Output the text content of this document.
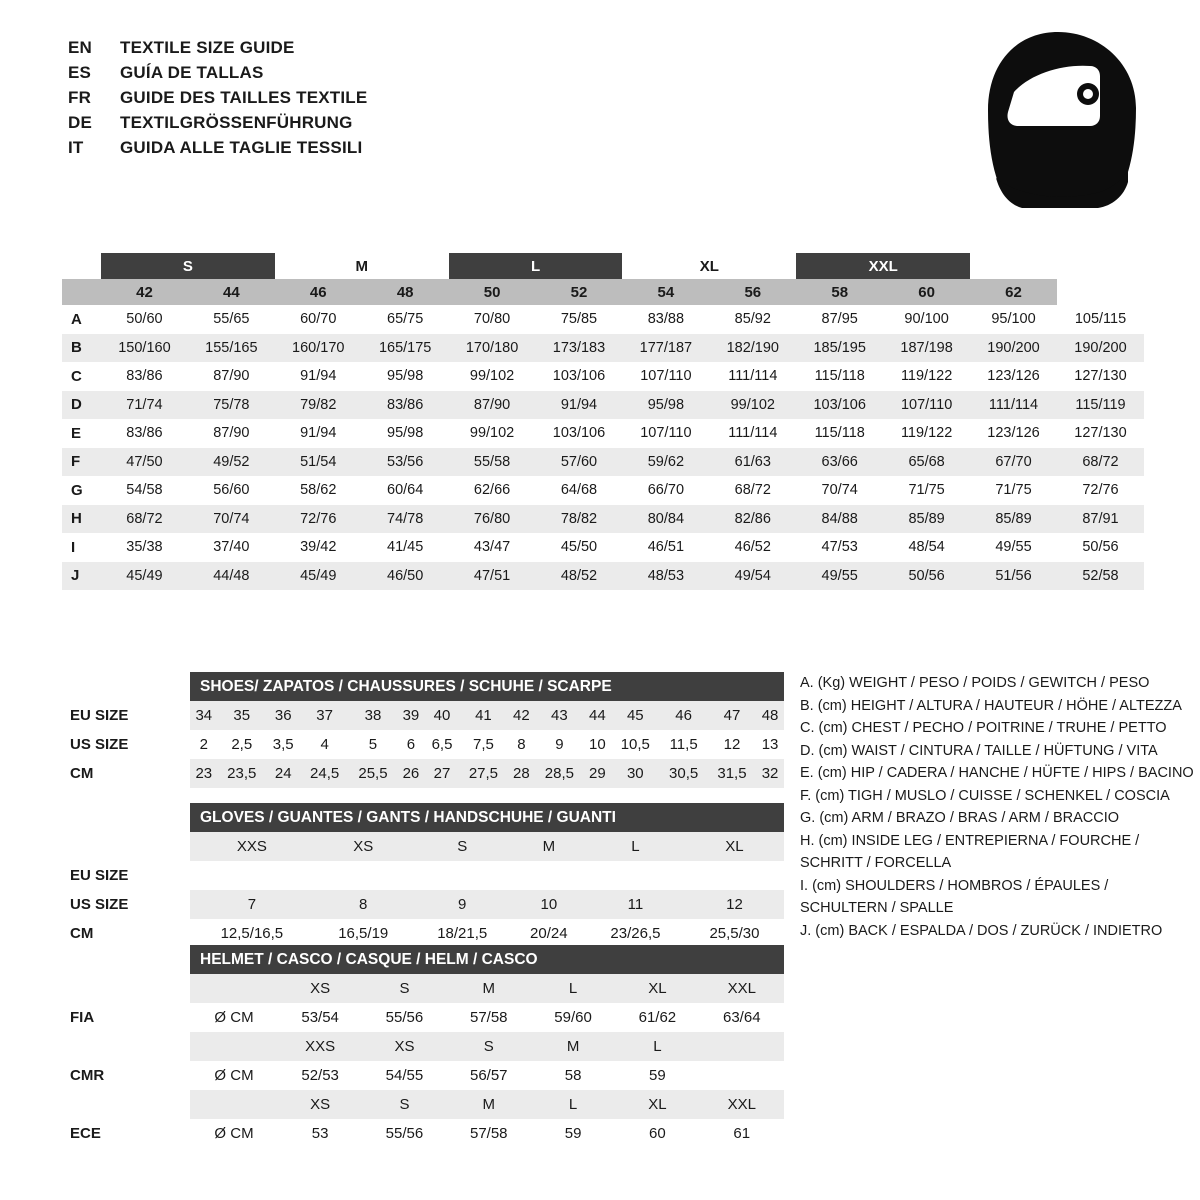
EN	TEXTILE SIZE GUIDE
ES	GUÍA DE TALLAS
FR	GUIDE DES TAILLES TEXTILE
DE	TEXTILGRÖSSENFÜHRUNG
IT	GUIDA ALLE TAGLIE TESSILI
	S		M		L		XL		XXL			
	42	44	46	48	50	52	54	56	58	60	62	
A	50/60	55/65	60/70	65/75	70/80	75/85	83/88	85/92	87/95	90/100	95/100	105/115
B	150/160	155/165	160/170	165/175	170/180	173/183	177/187	182/190	185/195	187/198	190/200	190/200
C	83/86	87/90	91/94	95/98	99/102	103/106	107/110	111/114	115/118	119/122	123/126	127/130
D	71/74	75/78	79/82	83/86	87/90	91/94	95/98	99/102	103/106	107/110	111/114	115/119
E	83/86	87/90	91/94	95/98	99/102	103/106	107/110	111/114	115/118	119/122	123/126	127/130
F	47/50	49/52	51/54	53/56	55/58	57/60	59/62	61/63	63/66	65/68	67/70	68/72
G	54/58	56/60	58/62	60/64	62/66	64/68	66/70	68/72	70/74	71/75	71/75	72/76
H	68/72	70/74	72/76	74/78	76/80	78/82	80/84	82/86	84/88	85/89	85/89	87/91
I	35/38	37/40	39/42	41/45	43/47	45/50	46/51	46/52	47/53	48/54	49/55	50/56
J	45/49	44/48	45/49	46/50	47/51	48/52	48/53	49/54	49/55	50/56	51/56	52/58
	SHOES/ ZAPATOS / CHAUSSURES / SCHUHE / SCARPE														
EU SIZE	34	35	36	37	38	39	40	41	42	43	44	45	46	47	48
US SIZE	2	2,5	3,5	4	5	6	6,5	7,5	8	9	10	10,5	11,5	12	13
CM	23	23,5	24	24,5	25,5	26	27	27,5	28	28,5	29	30	30,5	31,5	32
	GLOVES / GUANTES / GANTS / HANDSCHUHE / GUANTI					
	XXS	XS	S	M	L	XL
EU SIZE						
US SIZE	7	8	9	10	11	12
CM	12,5/16,5	16,5/19	18/21,5	20/24	23/26,5	25,5/30
	HELMET / CASCO / CASQUE / HELM / CASCO						
		XS	S	M	L	XL	XXL
FIA	Ø CM	53/54	55/56	57/58	59/60	61/62	63/64
		XXS	XS	S	M	L	
CMR	Ø CM	52/53	54/55	56/57	58	59	
		XS	S	M	L	XL	XXL
ECE	Ø CM	53	55/56	57/58	59	60	61
A. (Kg) WEIGHT / PESO / POIDS / GEWITCH / PESO
B. (cm) HEIGHT / ALTURA / HAUTEUR / HÖHE / ALTEZZA
C. (cm) CHEST / PECHO / POITRINE / TRUHE / PETTO
D. (cm) WAIST / CINTURA / TAILLE / HÜFTUNG / VITA
E. (cm) HIP / CADERA / HANCHE / HÜFTE / HIPS / BACINO
F. (cm) TIGH / MUSLO / CUISSE / SCHENKEL / COSCIA
G. (cm) ARM / BRAZO / BRAS / ARM / BRACCIO
H. (cm) INSIDE LEG / ENTREPIERNA / FOURCHE /
SCHRITT / FORCELLA
I. (cm) SHOULDERS / HOMBROS / ÉPAULES /
SCHULTERN / SPALLE
J. (cm) BACK / ESPALDA / DOS / ZURÜCK / INDIETRO
